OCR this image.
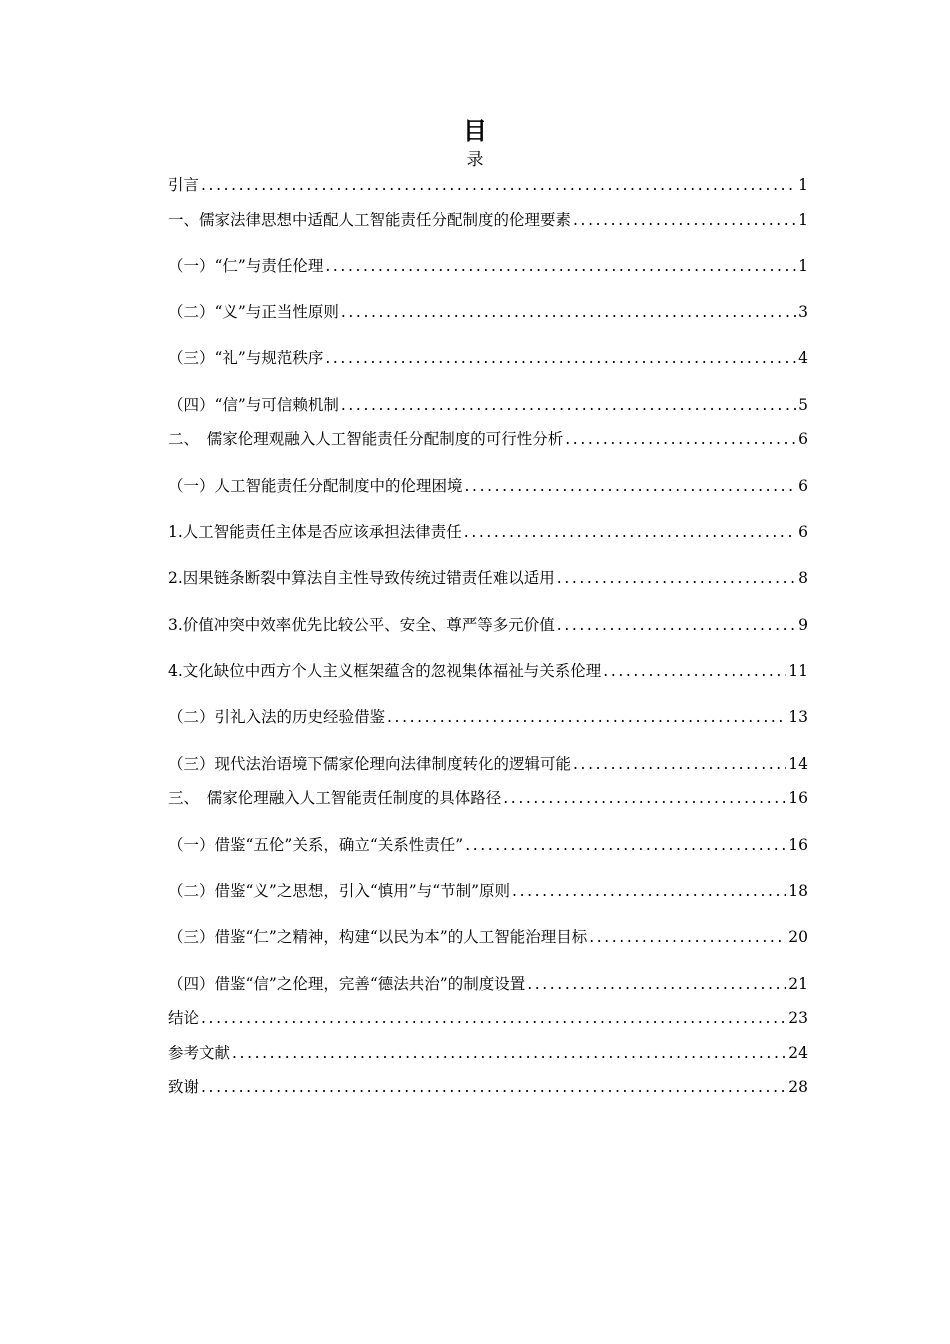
目
录
引言 .....	1
一、儒家法律思想中适配人工智能责任分配制度的伦理要素 .....	1
（一）“仁”与责任伦理 .....	1
（二）“义”与正当性原则 .....	3
（三）“礼”与规范秩序 .....	4
（四）“信”与可信赖机制 .....	5
二、　儒家伦理观融入人工智能责任分配制度的可行性分析 .....	6
（一）人工智能责任分配制度中的伦理困境 .....	6
1.人工智能责任主体是否应该承担法律责任 .....	6
2.因果链条断裂中算法自主性导致传统过错责任难以适用 .....	8
3.价值冲突中效率优先比较公平、安全、尊严等多元价值 .....	9
4.文化缺位中西方个人主义框架蕴含的忽视集体福祉与关系伦理 .....	11
（二）引礼入法的历史经验借鉴 .....	13
（三）现代法治语境下儒家伦理向法律制度转化的逻辑可能 .....	14
三、　儒家伦理融入人工智能责任制度的具体路径 .....	16
（一）借鉴“五伦”关系，确立“关系性责任” .....	16
（二）借鉴“义”之思想，引入“慎用”与“节制”原则 .....	18
（三）借鉴“仁”之精神，构建“以民为本”的人工智能治理目标 .....	20
（四）借鉴“信”之伦理，完善“德法共治”的制度设置 .....	21
结论 .....	23
参考文献 .....	24
致谢 .....	28
